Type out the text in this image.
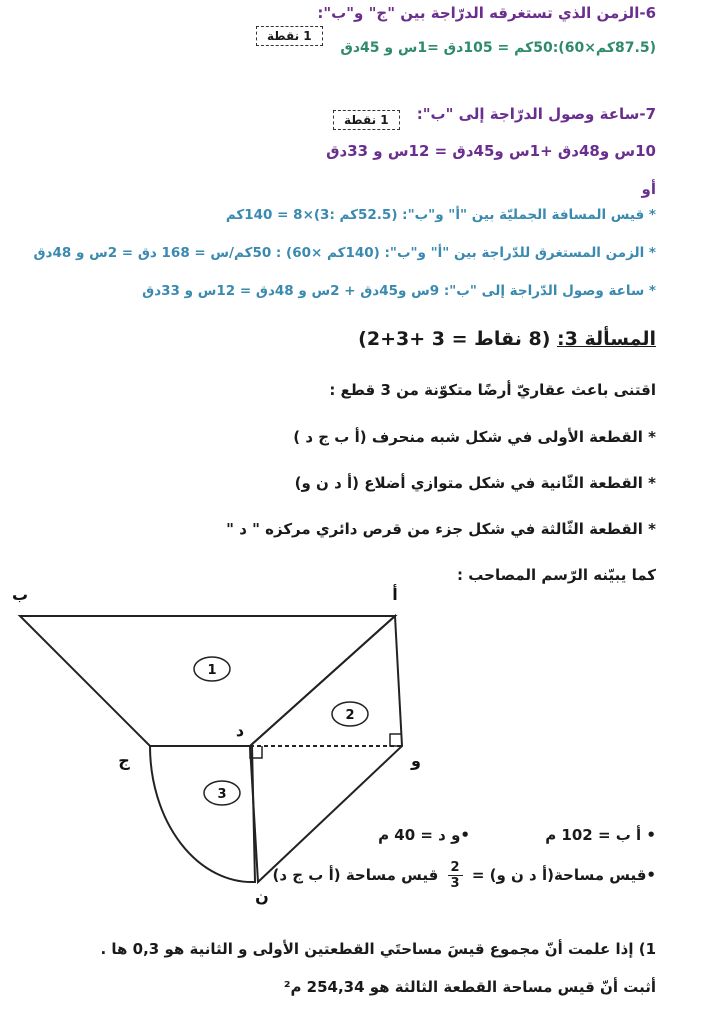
6-الزمن الذي تستغرقه الدرّاجة بين "ج" و"ب":
1 نقطة
(87.5كم×60):50كم = 105دق =1س و 45دق
7-ساعة وصول الدرّاجة إلى "ب":
1 نقطة
10س و48دق +1س و45دق = 12س و 33دق
أو
* قيس المسافة الجمليّة بين "أ" و"ب": (52.5كم :3)×8 = 140كم
* الزمن المستغرق للدّراجة بين "أ" و"ب": (140كم ×60) : 50كم/س = 168 دق = 2س و 48دق
* ساعة وصول الدّراجة إلى "ب": 9س و45دق + 2س و 48دق = 12س و 33دق
المسألة 3: (8 نقاط = 3 +3+2)
اقتنى باعث عقاريّ أرضًا متكوّنة من 3 قطع :
* القطعة الأولى في شكل شبه منحرف (أ ب ج د )
* القطعة الثّانية في شكل متوازي أضلاع (أ د ن و)
* القطعة الثّالثة في شكل جزء من قرص دائري مركزه " د "
كما يبيّنه الرّسم المصاحب :
1
2
3
أ
ب
ج
د
و
ن
• أ ب = 102 م
•و د = 40 م
•قيس مساحة(أ د ن و) =
$\frac{2}{3}$
قيس مساحة (أ ب ج د)
1) إذا علمت أنّ مجموع قيسَ مساحتَي القطعتين الأولى و الثانية هو 0,3 ها .
أثبت أنّ قيس مساحة القطعة الثالثة هو 254,34 م²
